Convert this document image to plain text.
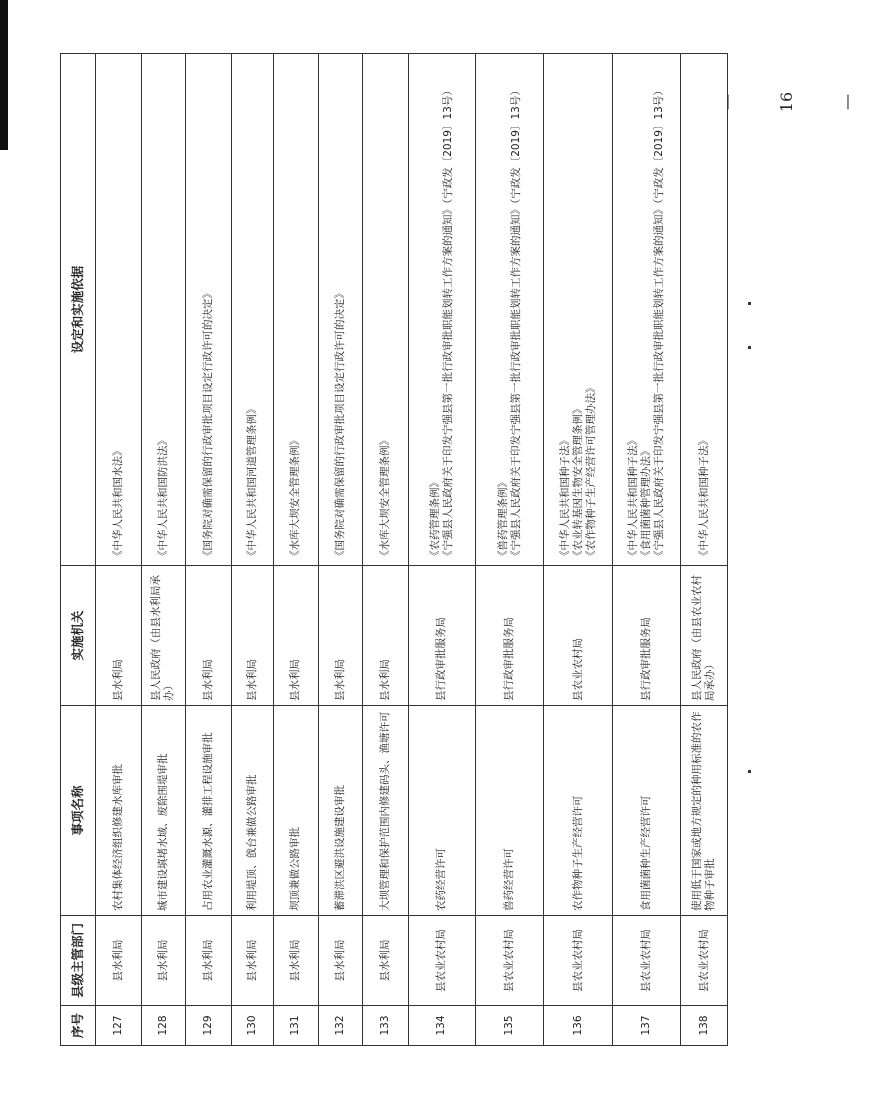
— 16 —
序号	县级主管部门	事项名称	实施机关	设定和实施依据
127	县水利局	农村集体经济组织修建水库审批	县水利局	《中华人民共和国水法》
128	县水利局	城市建设填堵水域、废除围堤审批	县人民政府（由县水利局承办）	《中华人民共和国防洪法》
129	县水利局	占用农业灌溉水源、灌排工程设施审批	县水利局	《国务院对确需保留的行政审批项目设定行政许可的决定》
130	县水利局	利用堤顶、戗台兼做公路审批	县水利局	《中华人民共和国河道管理条例》
131	县水利局	坝顶兼做公路审批	县水利局	《水库大坝安全管理条例》
132	县水利局	蓄滞洪区避洪设施建设审批	县水利局	《国务院对确需保留的行政审批项目设定行政许可的决定》
133	县水利局	大坝管理和保护范围内修建码头、渔塘许可	县水利局	《水库大坝安全管理条例》
134	县农业农村局	农药经营许可	县行政审批服务局	《农药管理条例》
《宁强县人民政府关于印发宁强县第一批行政审批职能划转工作方案的通知》（宁政发〔2019〕13号）
135	县农业农村局	兽药经营许可	县行政审批服务局	《兽药管理条例》
《宁强县人民政府关于印发宁强县第一批行政审批职能划转工作方案的通知》（宁政发〔2019〕13号）
136	县农业农村局	农作物种子生产经营许可	县农业农村局	《中华人民共和国种子法》
《农业转基因生物安全管理条例》
《农作物种子生产经营许可管理办法》
137	县农业农村局	食用菌菌种生产经营许可	县行政审批服务局	《中华人民共和国种子法》
《食用菌菌种管理办法》
《宁强县人民政府关于印发宁强县第一批行政审批职能划转工作方案的通知》（宁政发〔2019〕13号）
138	县农业农村局	使用低于国家或地方规定的种用标准的农作物种子审批	县人民政府（由县农业农村局承办）	《中华人民共和国种子法》
